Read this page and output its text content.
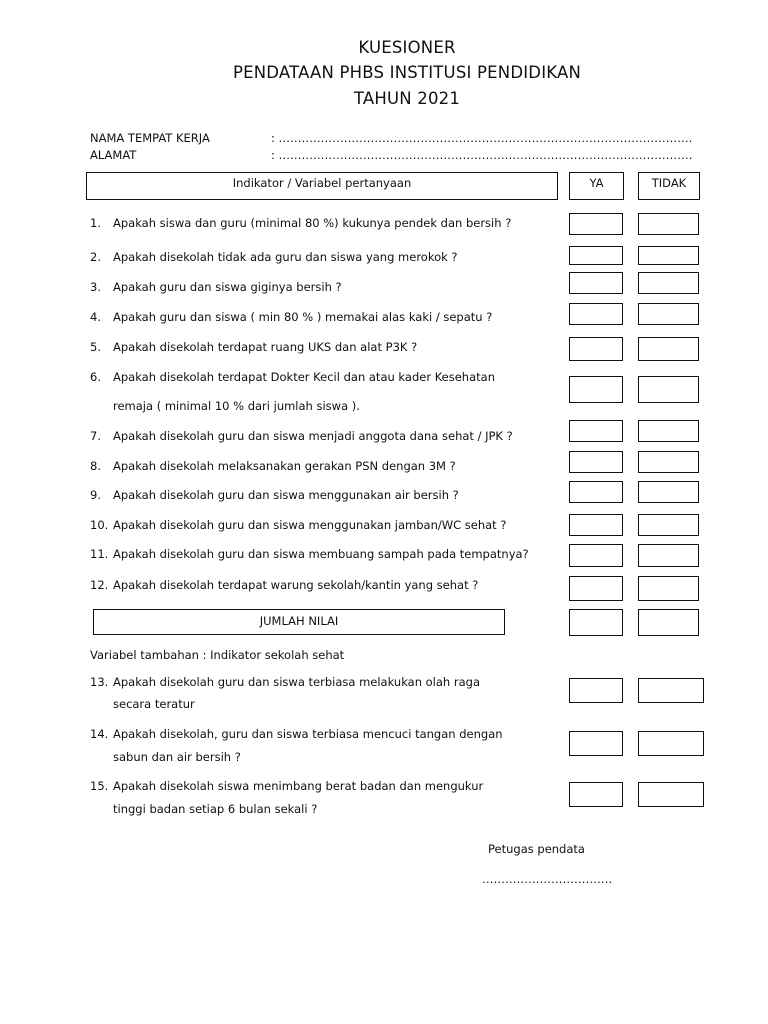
KUESIONER
PENDATAAN PHBS INSTITUSI PENDIDIKAN
TAHUN 2021
NAMA TEMPAT KERJA	: ………………………………………………………………………………………………
ALAMAT	: ………………………………………………………………………………………………
Indikator / Variabel pertanyaan	YA	TIDAK
1. Apakah siswa dan guru (minimal 80 %) kukunya pendek dan bersih ?
2. Apakah disekolah tidak ada guru dan siswa yang merokok ?
3. Apakah guru dan siswa giginya bersih ?
4. Apakah guru dan siswa ( min 80 % ) memakai alas kaki / sepatu ?
5. Apakah disekolah terdapat ruang UKS dan alat P3K ?
6. Apakah disekolah terdapat Dokter Kecil dan atau kader Kesehatan
remaja ( minimal 10 % dari jumlah siswa ).
7. Apakah disekolah guru dan siswa menjadi anggota dana sehat / JPK ?
8. Apakah disekolah melaksanakan gerakan PSN dengan 3M ?
9. Apakah disekolah guru dan siswa menggunakan air bersih ?
10. Apakah disekolah guru dan siswa menggunakan jamban/WC sehat ?
11. Apakah disekolah guru dan siswa membuang sampah pada tempatnya?
12. Apakah disekolah terdapat warung sekolah/kantin yang sehat ?
JUMLAH NILAI
Variabel tambahan : Indikator sekolah sehat
13. Apakah disekolah guru dan siswa terbiasa melakukan olah raga
secara teratur
14. Apakah disekolah, guru dan siswa terbiasa mencuci tangan dengan
sabun dan air bersih ?
15. Apakah disekolah siswa menimbang berat badan dan mengukur
tinggi badan setiap 6 bulan sekali ?
Petugas pendata
…………………………….
